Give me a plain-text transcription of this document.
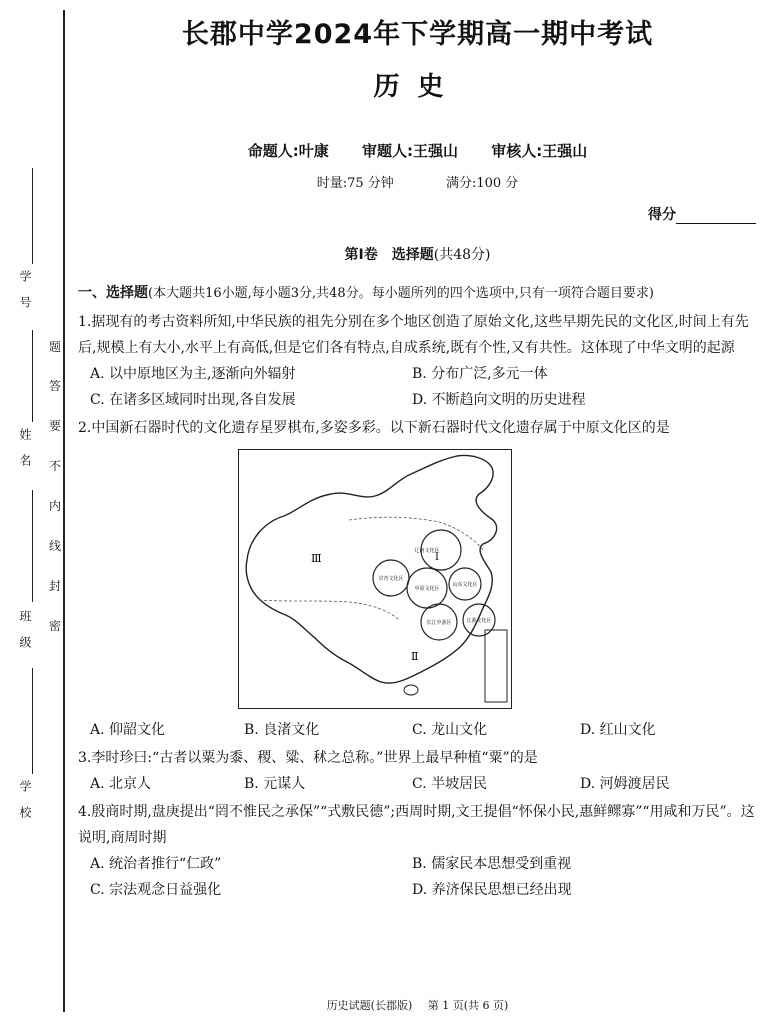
学号
姓名
班级
学校
题
答
要
不
内
线
封
密
长郡中学2024年下学期高一期中考试
历史
命题人:叶康 审题人:王强山 审核人:王强山
时量:75 分钟	满分:100 分
得分
第Ⅰ卷　选择题(共48分)
一、选择题(本大题共16小题,每小题3分,共48分。每小题所列的四个选项中,只有一项符合题目要求)
1.据现有的考古资料所知,中华民族的祖先分别在多个地区创造了原始文化,这些早期先民的文化区,时间上有先后,规模上有大小,水平上有高低,但是它们各有特点,自成系统,既有个性,又有共性。这体现了中华文明的起源
A. 以中原地区为主,逐渐向外辐射	B. 分布广泛,多元一体
C. 在诸多区域同时出现,各自发展	D. 不断趋向文明的历史进程
2.中国新石器时代的文化遗存星罗棋布,多姿多彩。以下新石器时代文化遗存属于中原文化区的是
Ⅲ	Ⅰ
Ⅱ
辽河文化区
甘青文化区
中原文化区
山东文化区
长江中游区	江浙文化区
A. 仰韶文化	B. 良渚文化	C. 龙山文化	D. 红山文化
3.李时珍曰:“古者以粟为黍、稷、粱、秫之总称。”世界上最早种植“粟”的是
A. 北京人	B. 元谋人	C. 半坡居民	D. 河姆渡居民
4.殷商时期,盘庚提出“罔不惟民之承保”“式敷民德”;西周时期,文王提倡“怀保小民,惠鲜鳏寡”“用咸和万民”。这说明,商周时期
A. 统治者推行“仁政”	B. 儒家民本思想受到重视
C. 宗法观念日益强化	D. 养济保民思想已经出现
历史试题(长郡版) 第 1 页(共 6 页)
